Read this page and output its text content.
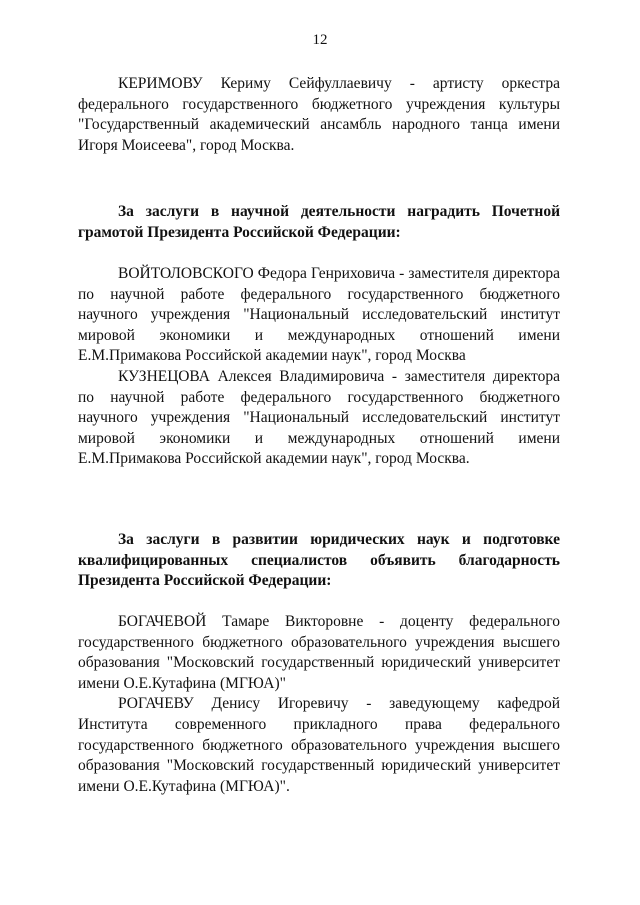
12

КЕРИМОВУ Кериму Сейфуллаевичу - артисту оркестра федерального государственного бюджетного учреждения культуры "Государственный академический ансамбль народного танца имени Игоря Моисеева", город Москва.

За заслуги в научной деятельности наградить Почетной грамотой Президента Российской Федерации:

ВОЙТОЛОВСКОГО Федора Генриховича - заместителя директора по научной работе федерального государственного бюджетного научного учреждения "Национальный исследовательский институт мировой экономики и международных отношений имени Е.М.Примакова Российской академии наук", город Москва

КУЗНЕЦОВА Алексея Владимировича - заместителя директора по научной работе федерального государственного бюджетного научного учреждения "Национальный исследовательский институт мировой экономики и международных отношений имени Е.М.Примакова Российской академии наук", город Москва.

За заслуги в развитии юридических наук и подготовке квалифицированных специалистов объявить благодарность Президента Российской Федерации:

БОГАЧЕВОЙ Тамаре Викторовне - доценту федерального государственного бюджетного образовательного учреждения высшего образования "Московский государственный юридический университет имени О.Е.Кутафина (МГЮА)"

РОГАЧЕВУ Денису Игоревичу - заведующему кафедрой Института современного прикладного права федерального государственного бюджетного образовательного учреждения высшего образования "Московский государственный юридический университет имени О.Е.Кутафина (МГЮА)".
